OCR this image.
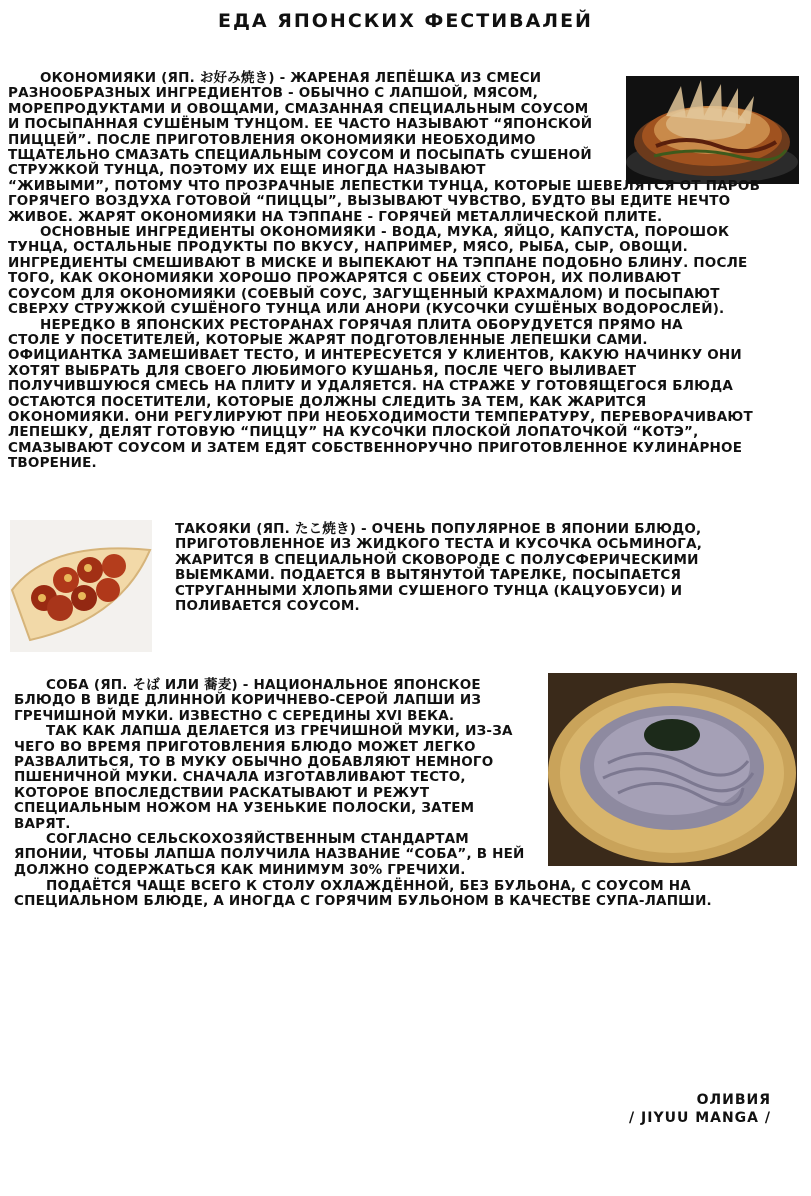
ЕДА ЯПОНСКИХ ФЕСТИВАЛЕЙ

ОКОНОМИЯКИ (ЯП. お好み焼き) - ЖАРЕНАЯ ЛЕПЁШКА ИЗ СМЕСИ

РАЗНООБРАЗНЫХ ИНГРЕДИЕНТОВ - ОБЫЧНО С ЛАПШОЙ, МЯСОМ,

МОРЕПРОДУКТАМИ И ОВОЩАМИ, СМАЗАННАЯ СПЕЦИАЛЬНЫМ СОУСОМ

И ПОСЫПАННАЯ СУШЁНЫМ ТУНЦОМ. ЕЕ ЧАСТО НАЗЫВАЮТ “ЯПОНСКОЙ

ПИЦЦЕЙ”. ПОСЛЕ ПРИГОТОВЛЕНИЯ ОКОНОМИЯКИ НЕОБХОДИМО

ТЩАТЕЛЬНО СМАЗАТЬ СПЕЦИАЛЬНЫМ СОУСОМ И ПОСЫПАТЬ СУШЕНОЙ

СТРУЖКОЙ ТУНЦА, ПОЭТОМУ ИХ ЕЩЕ ИНОГДА НАЗЫВАЮТ

“ЖИВЫМИ”, ПОТОМУ ЧТО ПРОЗРАЧНЫЕ ЛЕПЕСТКИ ТУНЦА, КОТОРЫЕ ШЕВЕЛЯТСЯ ОТ ПАРОВ

ГОРЯЧЕГО ВОЗДУХА ГОТОВОЙ “ПИЦЦЫ”, ВЫЗЫВАЮТ ЧУВСТВО, БУДТО ВЫ ЕДИТЕ НЕЧТО

ЖИВОЕ. ЖАРЯТ ОКОНОМИЯКИ НА ТЭППАНЕ - ГОРЯЧЕЙ МЕТАЛЛИЧЕСКОЙ ПЛИТЕ.

ОСНОВНЫЕ ИНГРЕДИЕНТЫ ОКОНОМИЯКИ - ВОДА, МУКА, ЯЙЦО, КАПУСТА, ПОРОШОК

ТУНЦА, ОСТАЛЬНЫЕ ПРОДУКТЫ ПО ВКУСУ, НАПРИМЕР, МЯСО, РЫБА, СЫР, ОВОЩИ.

ИНГРЕДИЕНТЫ СМЕШИВАЮТ В МИСКЕ И ВЫПЕКАЮТ НА ТЭППАНЕ ПОДОБНО БЛИНУ. ПОСЛЕ

ТОГО, КАК ОКОНОМИЯКИ ХОРОШО ПРОЖАРЯТСЯ С ОБЕИХ СТОРОН, ИХ ПОЛИВАЮТ

СОУСОМ ДЛЯ ОКОНОМИЯКИ (СОЕВЫЙ СОУС, ЗАГУЩЕННЫЙ КРАХМАЛОМ) И ПОСЫПАЮТ

СВЕРХУ СТРУЖКОЙ СУШЁНОГО ТУНЦА ИЛИ АНОРИ (КУСОЧКИ СУШЁНЫХ ВОДОРОСЛЕЙ).

НЕРЕДКО В ЯПОНСКИХ РЕСТОРАНАХ ГОРЯЧАЯ ПЛИТА ОБОРУДУЕТСЯ ПРЯМО НА

СТОЛЕ У ПОСЕТИТЕЛЕЙ, КОТОРЫЕ ЖАРЯТ ПОДГОТОВЛЕННЫЕ ЛЕПЕШКИ САМИ.

ОФИЦИАНТКА ЗАМЕШИВАЕТ ТЕСТО, И ИНТЕРЕСУЕТСЯ У КЛИЕНТОВ, КАКУЮ НАЧИНКУ ОНИ

ХОТЯТ ВЫБРАТЬ ДЛЯ СВОЕГО ЛЮБИМОГО КУШАНЬЯ, ПОСЛЕ ЧЕГО ВЫЛИВАЕТ

ПОЛУЧИВШУЮСЯ СМЕСЬ НА ПЛИТУ И УДАЛЯЕТСЯ. НА СТРАЖЕ У ГОТОВЯЩЕГОСЯ БЛЮДА

ОСТАЮТСЯ ПОСЕТИТЕЛИ, КОТОРЫЕ ДОЛЖНЫ СЛЕДИТЬ ЗА ТЕМ, КАК ЖАРИТСЯ

ОКОНОМИЯКИ. ОНИ РЕГУЛИРУЮТ ПРИ НЕОБХОДИМОСТИ ТЕМПЕРАТУРУ, ПЕРЕВОРАЧИВАЮТ

ЛЕПЕШКУ, ДЕЛЯТ ГОТОВУЮ “ПИЦЦУ” НА КУСОЧКИ ПЛОСКОЙ ЛОПАТОЧКОЙ “КОТЭ”,

СМАЗЫВАЮТ СОУСОМ И ЗАТЕМ ЕДЯТ СОБСТВЕННОРУЧНО ПРИГОТОВЛЕННОЕ КУЛИНАРНОЕ

ТВОРЕНИЕ.

ТАКОЯКИ (ЯП. たこ焼き) - ОЧЕНЬ ПОПУЛЯРНОЕ В ЯПОНИИ БЛЮДО,

ПРИГОТОВЛЕННОЕ ИЗ ЖИДКОГО ТЕСТА И КУСОЧКА ОСЬМИНОГА,

ЖАРИТСЯ В СПЕЦИАЛЬНОЙ СКОВОРОДЕ С ПОЛУСФЕРИЧЕСКИМИ

ВЫЕМКАМИ. ПОДАЕТСЯ В ВЫТЯНУТОЙ ТАРЕЛКЕ, ПОСЫПАЕТСЯ

СТРУГАННЫМИ ХЛОПЬЯМИ СУШЕНОГО ТУНЦА (КАЦУОБУСИ) И

ПОЛИВАЕТСЯ СОУСОМ.

СОБА (ЯП. そば ИЛИ 蕎麦) - НАЦИОНАЛЬНОЕ ЯПОНСКОЕ

БЛЮДО В ВИДЕ ДЛИННОЙ КОРИЧНЕВО-СЕРОЙ ЛАПШИ ИЗ

ГРЕЧИШНОЙ МУКИ. ИЗВЕСТНО С СЕРЕДИНЫ XVI ВЕКА.

ТАК КАК ЛАПША ДЕЛАЕТСЯ ИЗ ГРЕЧИШНОЙ МУКИ, ИЗ-ЗА

ЧЕГО ВО ВРЕМЯ ПРИГОТОВЛЕНИЯ БЛЮДО МОЖЕТ ЛЕГКО

РАЗВАЛИТЬСЯ, ТО В МУКУ ОБЫЧНО ДОБАВЛЯЮТ НЕМНОГО

ПШЕНИЧНОЙ МУКИ. СНАЧАЛА ИЗГОТАВЛИВАЮТ ТЕСТО,

КОТОРОЕ ВПОСЛЕДСТВИИ РАСКАТЫВАЮТ И РЕЖУТ

СПЕЦИАЛЬНЫМ НОЖОМ НА УЗЕНЬКИЕ ПОЛОСКИ, ЗАТЕМ

ВАРЯТ.

СОГЛАСНО СЕЛЬСКОХОЗЯЙСТВЕННЫМ СТАНДАРТАМ

ЯПОНИИ, ЧТОБЫ ЛАПША ПОЛУЧИЛА НАЗВАНИЕ “СОБА”, В НЕЙ

ДОЛЖНО СОДЕРЖАТЬСЯ КАК МИНИМУМ 30% ГРЕЧИХИ.

ПОДАЁТСЯ ЧАЩЕ ВСЕГО К СТОЛУ ОХЛАЖДЁННОЙ, БЕЗ БУЛЬОНА, С СОУСОМ НА

СПЕЦИАЛЬНОМ БЛЮДЕ, А ИНОГДА С ГОРЯЧИМ БУЛЬОНОМ В КАЧЕСТВЕ СУПА-ЛАПШИ.

ОЛИВИЯ
/ JIYUU MANGA /
